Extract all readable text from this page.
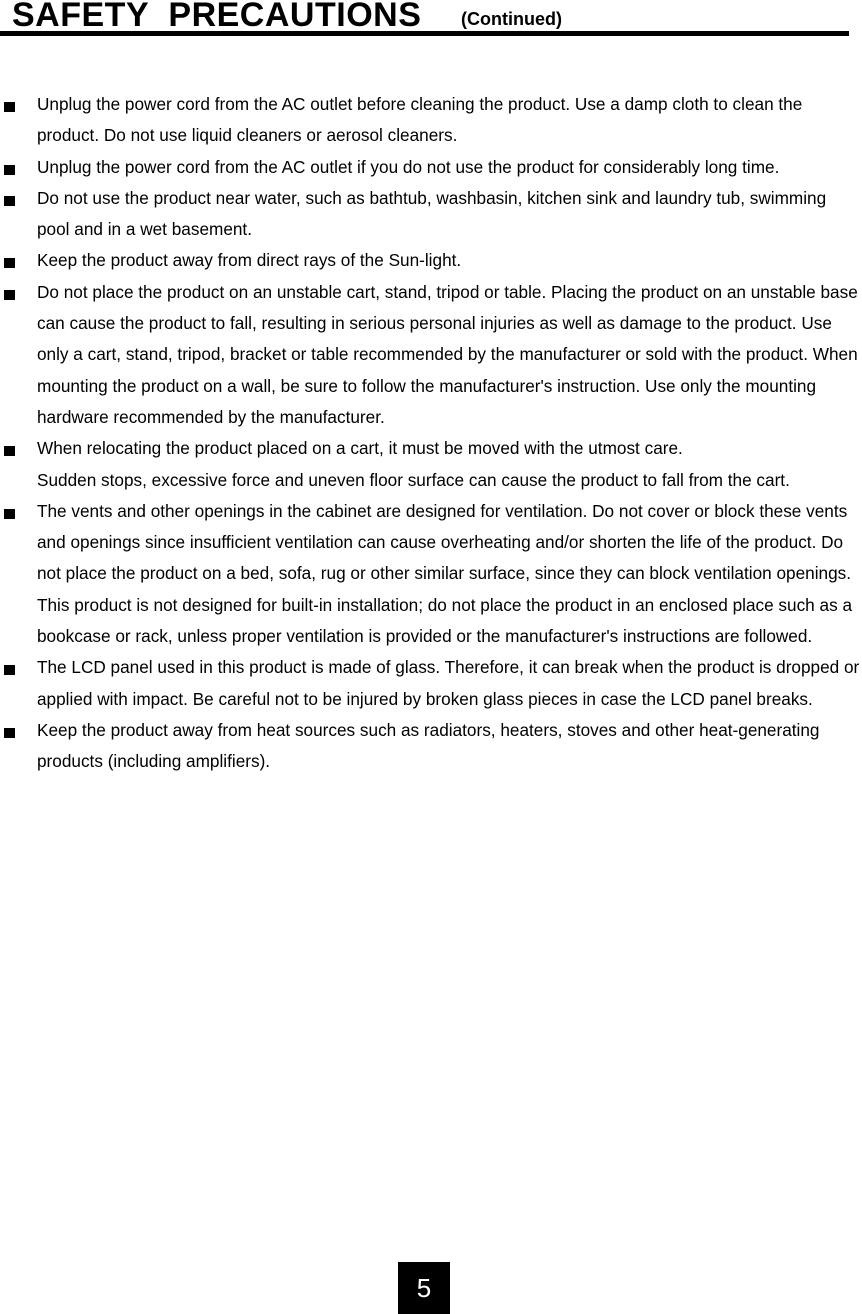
SAFETY  PRECAUTIONS (Continued)
Unplug the power cord from the AC outlet before cleaning the product. Use a damp cloth to clean the product. Do not use liquid cleaners or aerosol cleaners.
Unplug the power cord from the AC outlet if you do not use the product for considerably long time.
Do not use the product near water, such as bathtub, washbasin, kitchen sink and laundry tub, swimming pool and in a wet basement.
Keep the product away from direct rays of the Sun-light.
Do not place the product on an unstable cart, stand, tripod or table. Placing the product on an unstable base can cause the product to fall, resulting in serious personal injuries as well as damage to the product. Use only a cart, stand, tripod, bracket or table recommended by the manufacturer or sold with the product. When mounting the product on a wall, be sure to follow the manufacturer's instruction. Use only the mounting hardware recommended by the manufacturer.
When relocating the product placed on a cart, it must be moved with the utmost care.
Sudden stops, excessive force and uneven floor surface can cause the product to fall from the cart.
The vents and other openings in the cabinet are designed for ventilation. Do not cover or block these vents and openings since insufficient ventilation can cause overheating and/or shorten the life of the product. Do not place the product on a bed, sofa, rug or other similar surface, since they can block ventilation openings. This product is not designed for built-in installation; do not place the product in an enclosed place such as a bookcase or rack, unless proper ventilation is provided or the manufacturer's instructions are followed.
The LCD panel used in this product is made of glass. Therefore, it can break when the product is dropped or applied with impact. Be careful not to be injured by broken glass pieces in case the LCD panel breaks.
Keep the product away from heat sources such as radiators, heaters, stoves and other heat-generating products (including amplifiers).
5
